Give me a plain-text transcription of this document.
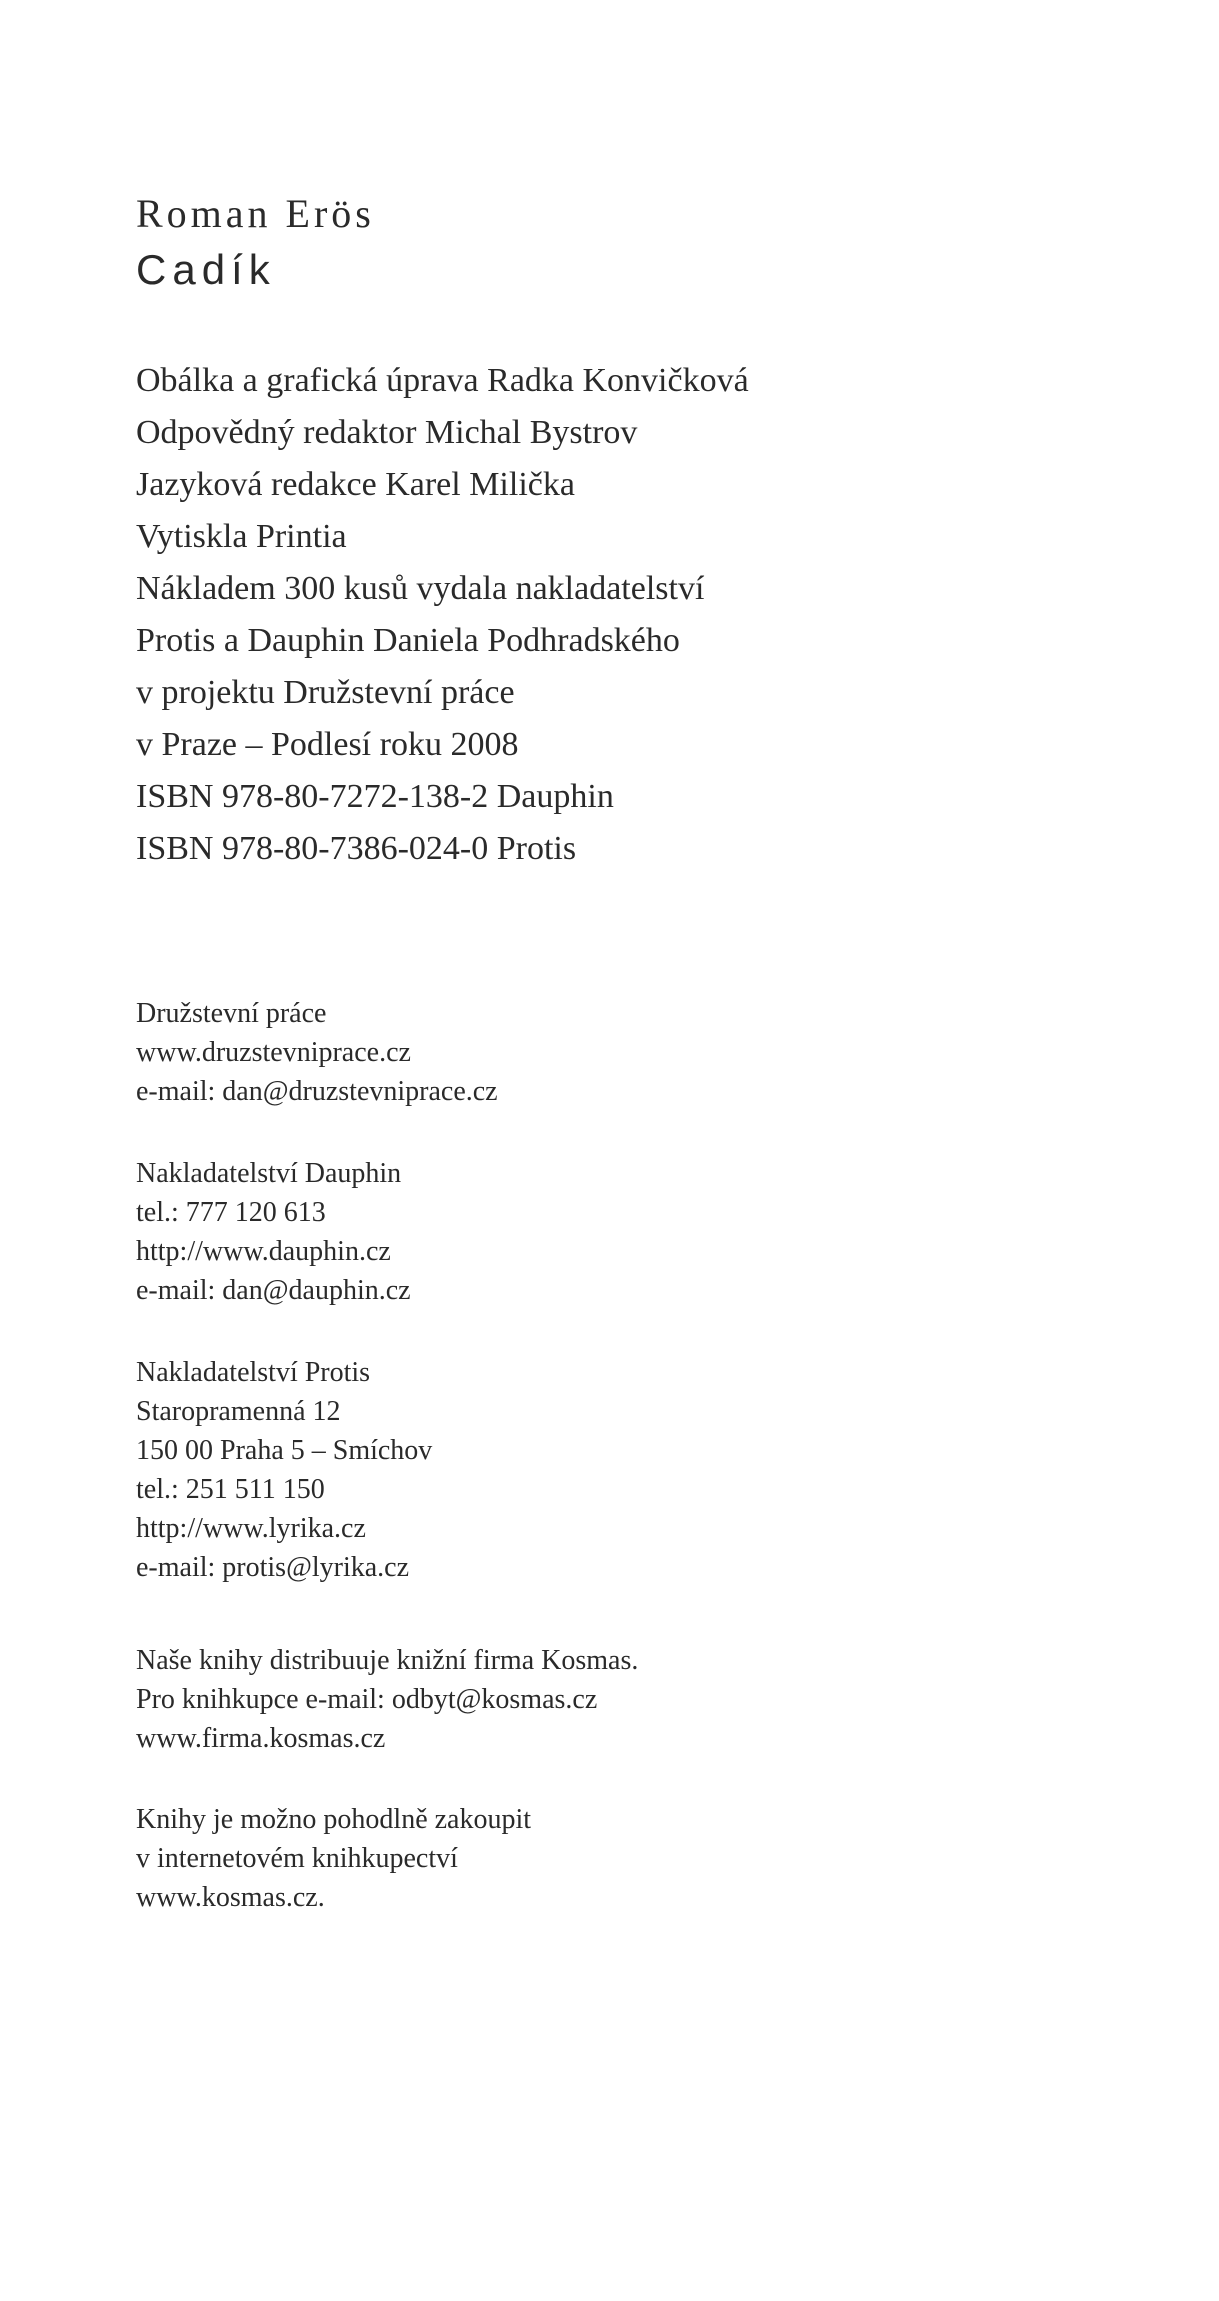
Roman Erös
Cadík
Obálka a grafická úprava Radka Konvičková
Odpovědný redaktor Michal Bystrov
Jazyková redakce Karel Milička
Vytiskla Printia
Nákladem 300 kusů vydala nakladatelství
Protis a Dauphin Daniela Podhradského
v projektu Družstevní práce
v Praze – Podlesí roku 2008
ISBN 978-80-7272-138-2 Dauphin
ISBN 978-80-7386-024-0 Protis
Družstevní práce
www.druzstevniprace.cz
e-mail: dan@druzstevniprace.cz
Nakladatelství Dauphin
tel.: 777 120 613
http://www.dauphin.cz
e-mail: dan@dauphin.cz
Nakladatelství Protis
Staropramenná 12
150 00 Praha 5 – Smíchov
tel.: 251 511 150
http://www.lyrika.cz
e-mail: protis@lyrika.cz
Naše knihy distribuuje knižní firma Kosmas.
Pro knihkupce e-mail: odbyt@kosmas.cz
www.firma.kosmas.cz
Knihy je možno pohodlně zakoupit
v internetovém knihkupectví
www.kosmas.cz.
